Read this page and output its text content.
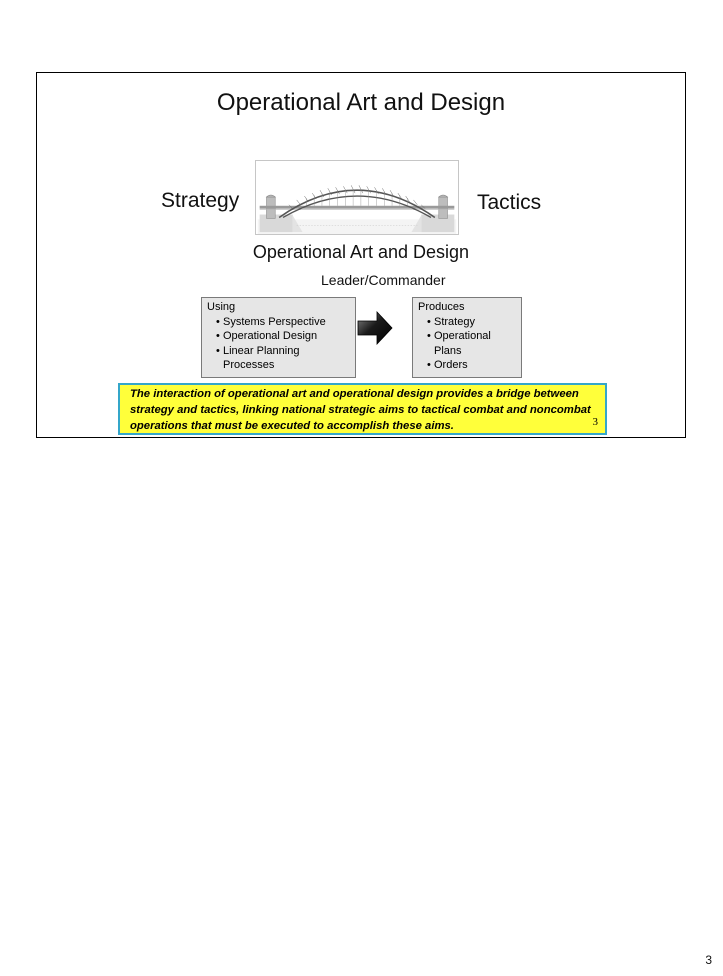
Operational Art and Design
Strategy	Tactics
Operational Art and Design
Leader/Commander
Using
• Systems Perspective
• Operational Design
• Linear Planning Processes
Produces
• Strategy
• Operational Plans
• Orders
The interaction of operational art and operational design provides a bridge between strategy and tactics, linking national strategic aims to tactical combat and noncombat operations that must be executed to accomplish these aims.	3
3
